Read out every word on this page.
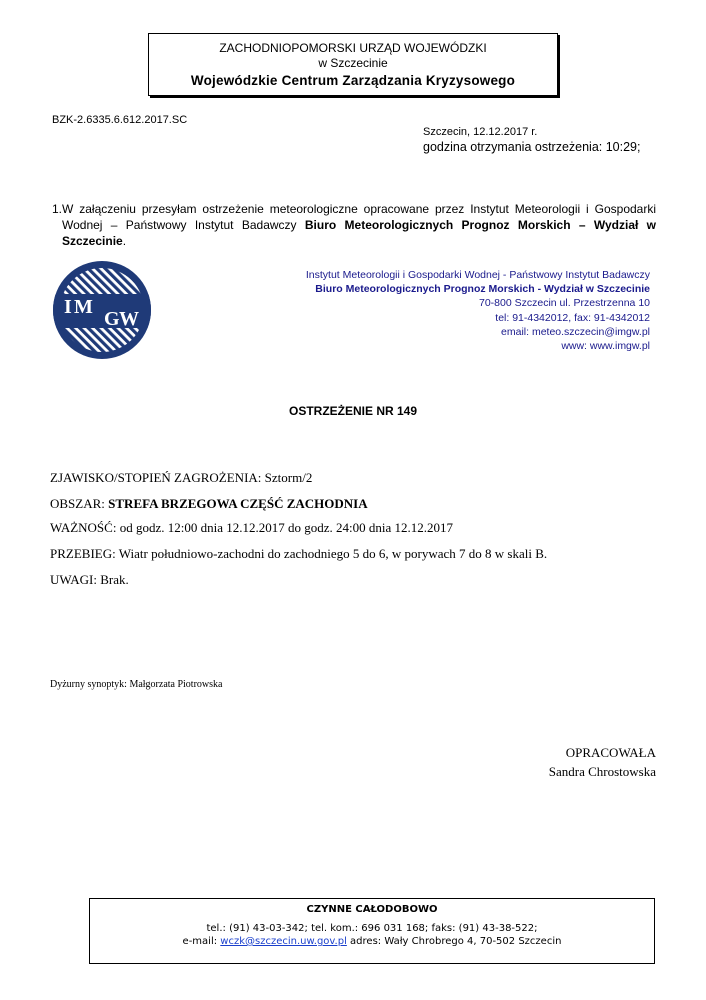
ZACHODNIOPOMORSKI URZĄD WOJEWÓDZKI
w Szczecinie
Wojewódzkie Centrum Zarządzania Kryzysowego
BZK-2.6335.6.612.2017.SC
Szczecin, 12.12.2017 r.
godzina otrzymania ostrzeżenia: 10:29;
1. W załączeniu przesyłam ostrzeżenie meteorologiczne opracowane przez Instytut Meteorologii i Gospodarki Wodnej – Państwowy Instytut Badawczy Biuro Meteorologicznych Prognoz Morskich – Wydział w Szczecinie.
I M
G W
Instytut Meteorologii i Gospodarki Wodnej - Państwowy Instytut Badawczy
Biuro Meteorologicznych Prognoz Morskich - Wydział w Szczecinie
70-800 Szczecin ul. Przestrzenna 10
tel: 91-4342012, fax: 91-4342012
email: meteo.szczecin@imgw.pl
www: www.imgw.pl
OSTRZEŻENIE NR 149
ZJAWISKO/STOPIEŃ ZAGROŻENIA: Sztorm/2
OBSZAR: STREFA BRZEGOWA CZĘŚĆ ZACHODNIA
WAŻNOŚĆ: od godz. 12:00 dnia 12.12.2017 do godz. 24:00 dnia 12.12.2017
PRZEBIEG: Wiatr południowo-zachodni do zachodniego 5 do 6, w porywach 7 do 8 w skali B.
UWAGI: Brak.
Dyżurny synoptyk: Małgorzata Piotrowska
OPRACOWAŁA
Sandra Chrostowska
CZYNNE CAŁODOBOWO
tel.: (91) 43-03-342; tel. kom.: 696 031 168; faks: (91) 43-38-522;
e-mail: wczk@szczecin.uw.gov.pl adres: Wały Chrobrego 4, 70-502 Szczecin
